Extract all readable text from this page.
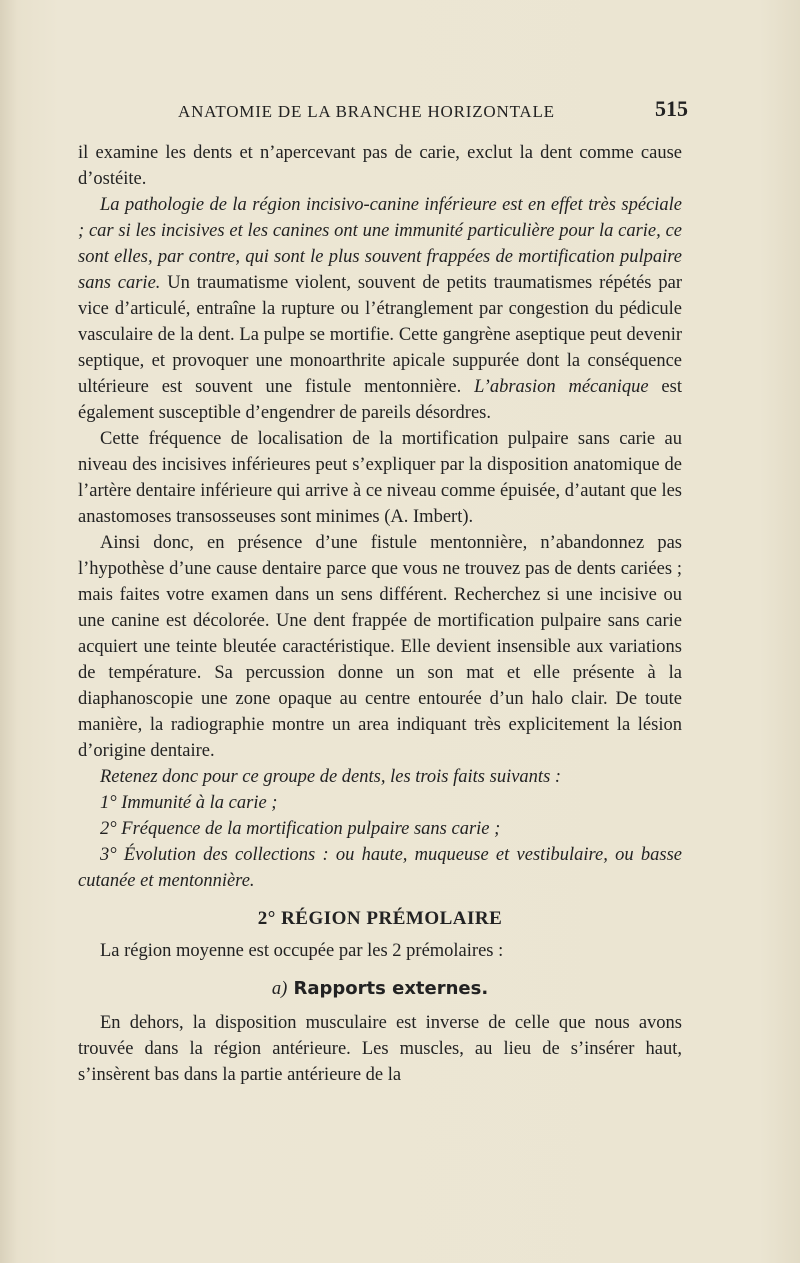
ANATOMIE DE LA BRANCHE HORIZONTALE	515

il examine les dents et n’apercevant pas de carie, exclut la dent comme cause d’ostéite.

La pathologie de la région incisivo-canine inférieure est en effet très spéciale ; car si les incisives et les canines ont une immunité particulière pour la carie, ce sont elles, par contre, qui sont le plus souvent frappées de mortification pulpaire sans carie. Un traumatisme violent, souvent de petits traumatismes répétés par vice d’articulé, entraîne la rupture ou l’étranglement par congestion du pédicule vasculaire de la dent. La pulpe se mortifie. Cette gangrène aseptique peut devenir septique, et provoquer une monoarthrite apicale suppurée dont la conséquence ultérieure est souvent une fistule mentonnière. L’abrasion mécanique est également susceptible d’engendrer de pareils désordres.

Cette fréquence de localisation de la mortification pulpaire sans carie au niveau des incisives inférieures peut s’expliquer par la disposition anatomique de l’artère dentaire inférieure qui arrive à ce niveau comme épuisée, d’autant que les anastomoses transosseuses sont minimes (A. Imbert).

Ainsi donc, en présence d’une fistule mentonnière, n’abandonnez pas l’hypothèse d’une cause dentaire parce que vous ne trouvez pas de dents cariées ; mais faites votre examen dans un sens différent. Recherchez si une incisive ou une canine est décolorée. Une dent frappée de mortification pulpaire sans carie acquiert une teinte bleutée caractéristique. Elle devient insensible aux variations de température. Sa percussion donne un son mat et elle présente à la diaphanoscopie une zone opaque au centre entourée d’un halo clair. De toute manière, la radiographie montre un area indiquant très explicitement la lésion d’origine dentaire.

Retenez donc pour ce groupe de dents, les trois faits suivants :

1° Immunité à la carie ;

2° Fréquence de la mortification pulpaire sans carie ;

3° Évolution des collections : ou haute, muqueuse et vestibulaire, ou basse cutanée et mentonnière.

2° RÉGION PRÉMOLAIRE

La région moyenne est occupée par les 2 prémolaires :

a) Rapports externes.

En dehors, la disposition musculaire est inverse de celle que nous avons trouvée dans la région antérieure. Les muscles, au lieu de s’insérer haut, s’insèrent bas dans la partie antérieure de la
